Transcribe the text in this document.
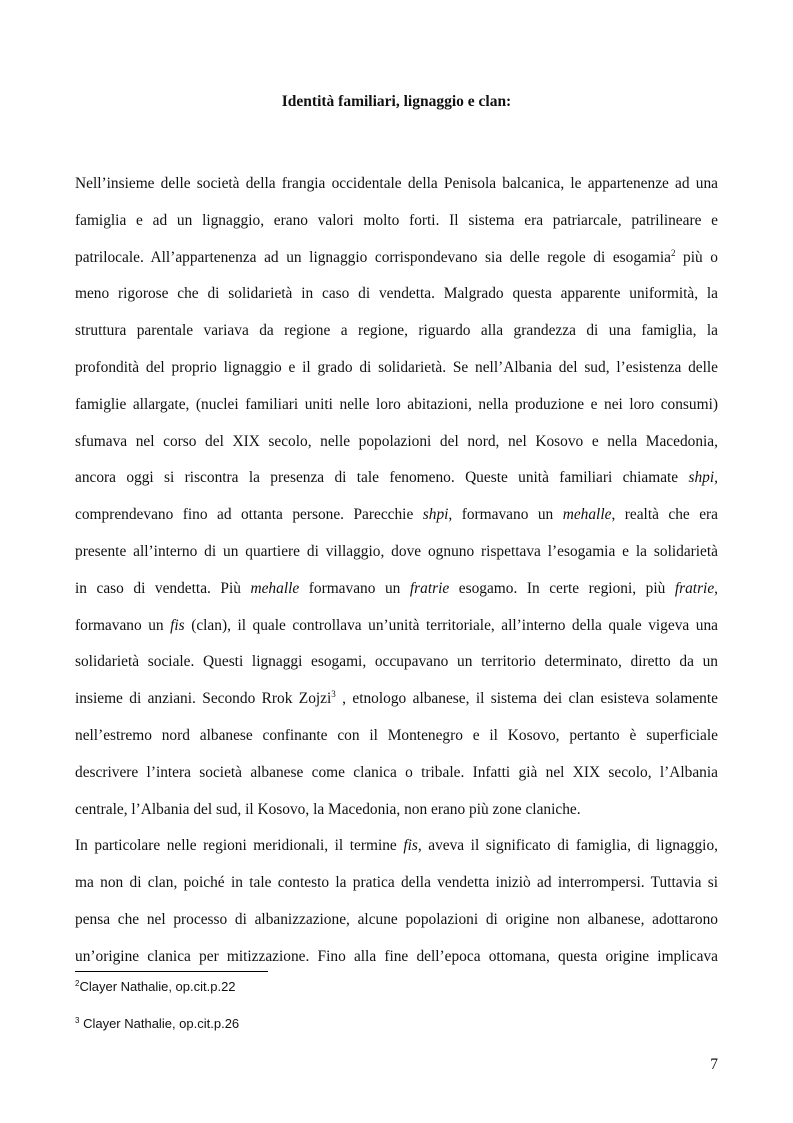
Identità familiari, lignaggio e clan:
Nell’insieme delle società della frangia occidentale della Penisola balcanica, le appartenenze ad una
famiglia e ad un lignaggio, erano valori molto forti. Il sistema era patriarcale, patrilineare e
patrilocale. All’appartenenza ad un lignaggio corrispondevano sia delle regole di esogamia$^2$ più o
meno rigorose che di solidarietà in caso di vendetta. Malgrado questa apparente uniformità, la
struttura parentale variava da regione a regione, riguardo alla grandezza di una famiglia, la
profondità del proprio lignaggio e il grado di solidarietà. Se nell’Albania del sud, l’esistenza delle
famiglie allargate, (nuclei familiari uniti nelle loro abitazioni, nella produzione e nei loro consumi)
sfumava nel corso del XIX secolo, nelle popolazioni del nord, nel Kosovo e nella Macedonia,
ancora oggi si riscontra la presenza di tale fenomeno. Queste unità familiari chiamate shpi,
comprendevano fino ad ottanta persone. Parecchie shpi, formavano un mehalle, realtà che era
presente all’interno di un quartiere di villaggio, dove ognuno rispettava l’esogamia e la solidarietà
in caso di vendetta. Più mehalle formavano un fratrie esogamo. In certe regioni, più fratrie,
formavano un fis (clan), il quale controllava un’unità territoriale, all’interno della quale vigeva una
solidarietà sociale. Questi lignaggi esogami, occupavano un territorio determinato, diretto da un
insieme di anziani. Secondo Rrok Zojzi$^3$ , etnologo albanese, il sistema dei clan esisteva solamente
nell’estremo nord albanese confinante con il Montenegro e il Kosovo, pertanto è superficiale
descrivere l’intera società albanese come clanica o tribale. Infatti già nel XIX secolo, l’Albania
centrale, l’Albania del sud, il Kosovo, la Macedonia, non erano più zone claniche.
In particolare nelle regioni meridionali, il termine fis, aveva il significato di famiglia, di lignaggio,
ma non di clan, poiché in tale contesto la pratica della vendetta iniziò ad interrompersi. Tuttavia si
pensa che nel processo di albanizzazione, alcune popolazioni di origine non albanese, adottarono
un’origine clanica per mitizzazione. Fino alla fine dell’epoca ottomana, questa origine implicava
$^2$Clayer Nathalie, op.cit.p.22
$^3$ Clayer Nathalie, op.cit.p.26
7
